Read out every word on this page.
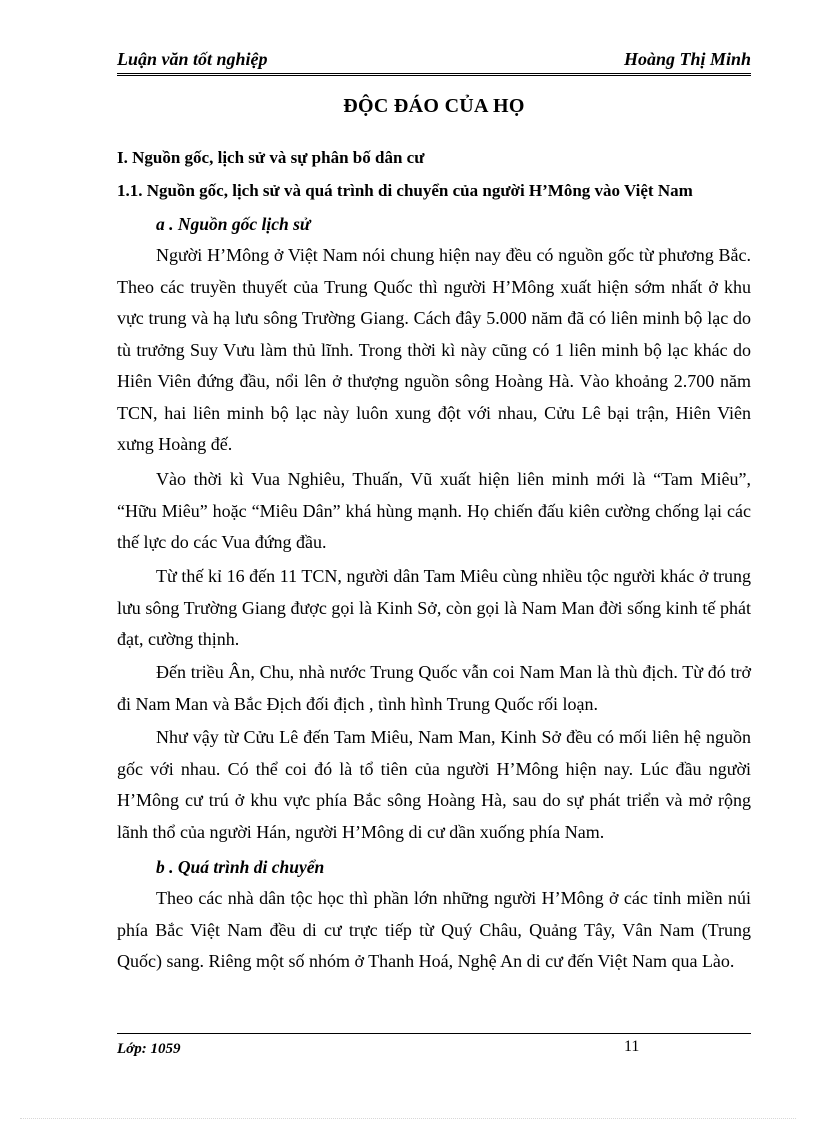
Luận văn tốt nghiệp	Hoàng Thị Minh
ĐỘC ĐÁO CỦA HỌ
I. Nguồn gốc, lịch sử và sự phân bố dân cư
1.1. Nguồn gốc, lịch sử và quá trình di chuyển của người H’Mông vào Việt Nam
a . Nguồn gốc lịch sử

Người H’Mông ở Việt Nam nói chung hiện nay đều có nguồn gốc từ phương Bắc. Theo các truyền thuyết của Trung Quốc thì người H’Mông xuất hiện sớm nhất ở khu vực trung và hạ lưu sông Trường Giang. Cách đây 5.000 năm đã có liên minh bộ lạc do tù trưởng Suy Vưu làm thủ lĩnh. Trong thời kì này cũng có 1 liên minh bộ lạc khác do Hiên Viên đứng đầu, nổi lên ở thượng nguồn sông Hoàng Hà. Vào khoảng 2.700 năm TCN, hai liên minh bộ lạc này luôn xung đột với nhau, Cửu Lê bại trận, Hiên Viên xưng Hoàng đế.

Vào thời kì Vua Nghiêu, Thuấn, Vũ xuất hiện liên minh mới là “Tam Miêu”, “Hữu Miêu” hoặc “Miêu Dân” khá hùng mạnh. Họ chiến đấu kiên cường chống lại các thế lực do các Vua đứng đầu.

Từ thế kỉ 16 đến 11 TCN, người dân Tam Miêu cùng nhiều tộc người khác ở trung lưu sông Trường Giang được gọi là Kinh Sở, còn gọi là Nam Man đời sống kinh tế phát đạt, cường thịnh.

Đến triều Ân, Chu, nhà nước Trung Quốc vẫn coi Nam Man là thù địch. Từ đó trở đi Nam Man và Bắc Địch đối địch , tình hình Trung Quốc rối loạn.

Như vậy từ Cửu Lê đến Tam Miêu, Nam Man, Kinh Sở đều có mối liên hệ nguồn gốc với nhau. Có thể coi đó là tổ tiên của người H’Mông hiện nay. Lúc đầu người H’Mông cư trú ở khu vực phía Bắc sông Hoàng Hà, sau do sự phát triển và mở rộng lãnh thổ của người Hán, người H’Mông di cư dần xuống phía Nam.

b . Quá trình di chuyển

Theo các nhà dân tộc học thì phần lớn những người H’Mông ở các tỉnh miền núi phía Bắc Việt Nam đều di cư trực tiếp từ Quý Châu, Quảng Tây, Vân Nam (Trung Quốc) sang. Riêng một số nhóm ở Thanh Hoá, Nghệ An di cư đến Việt Nam qua Lào.

Lớp: 1059	11
